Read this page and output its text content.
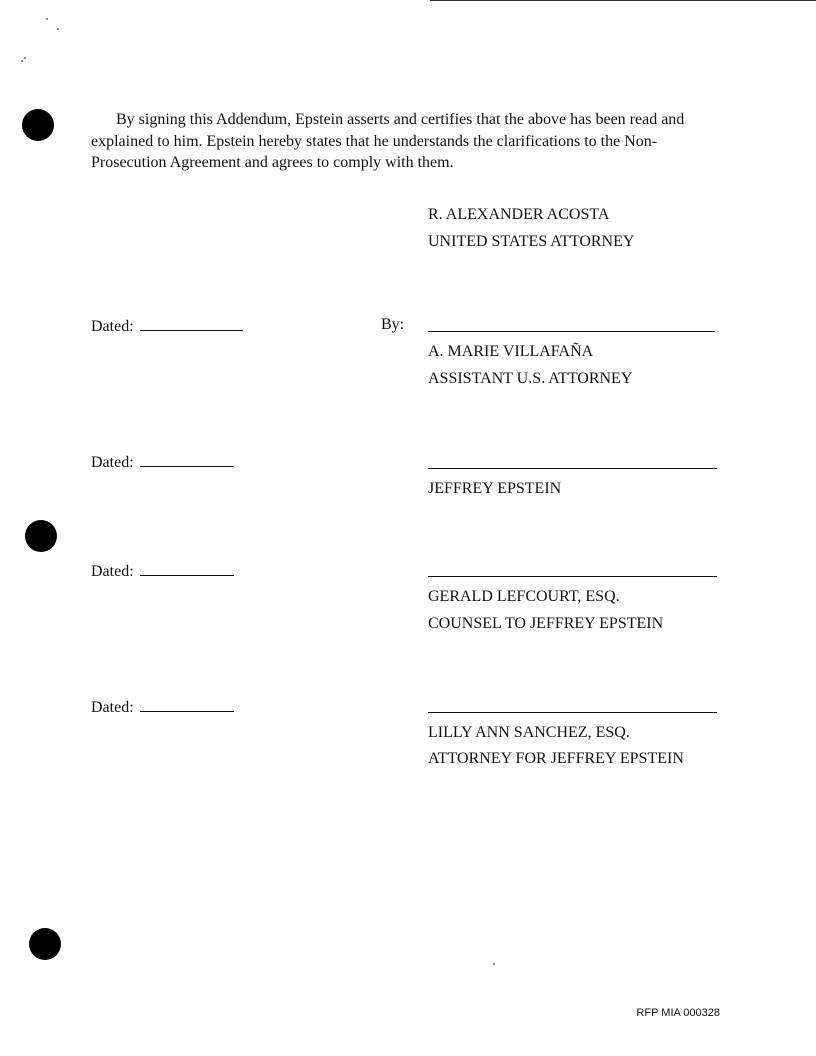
By signing this Addendum, Epstein asserts and certifies that the above has been read and explained to him. Epstein hereby states that he understands the clarifications to the Non-Prosecution Agreement and agrees to comply with them.

R. ALEXANDER ACOSTA
UNITED STATES ATTORNEY
Dated:	By:
A. MARIE VILLAFAÑA
ASSISTANT U.S. ATTORNEY
Dated:
JEFFREY EPSTEIN
Dated:
GERALD LEFCOURT, ESQ.
COUNSEL TO JEFFREY EPSTEIN
Dated:
LILLY ANN SANCHEZ, ESQ.
ATTORNEY FOR JEFFREY EPSTEIN
RFP MIA 000328
